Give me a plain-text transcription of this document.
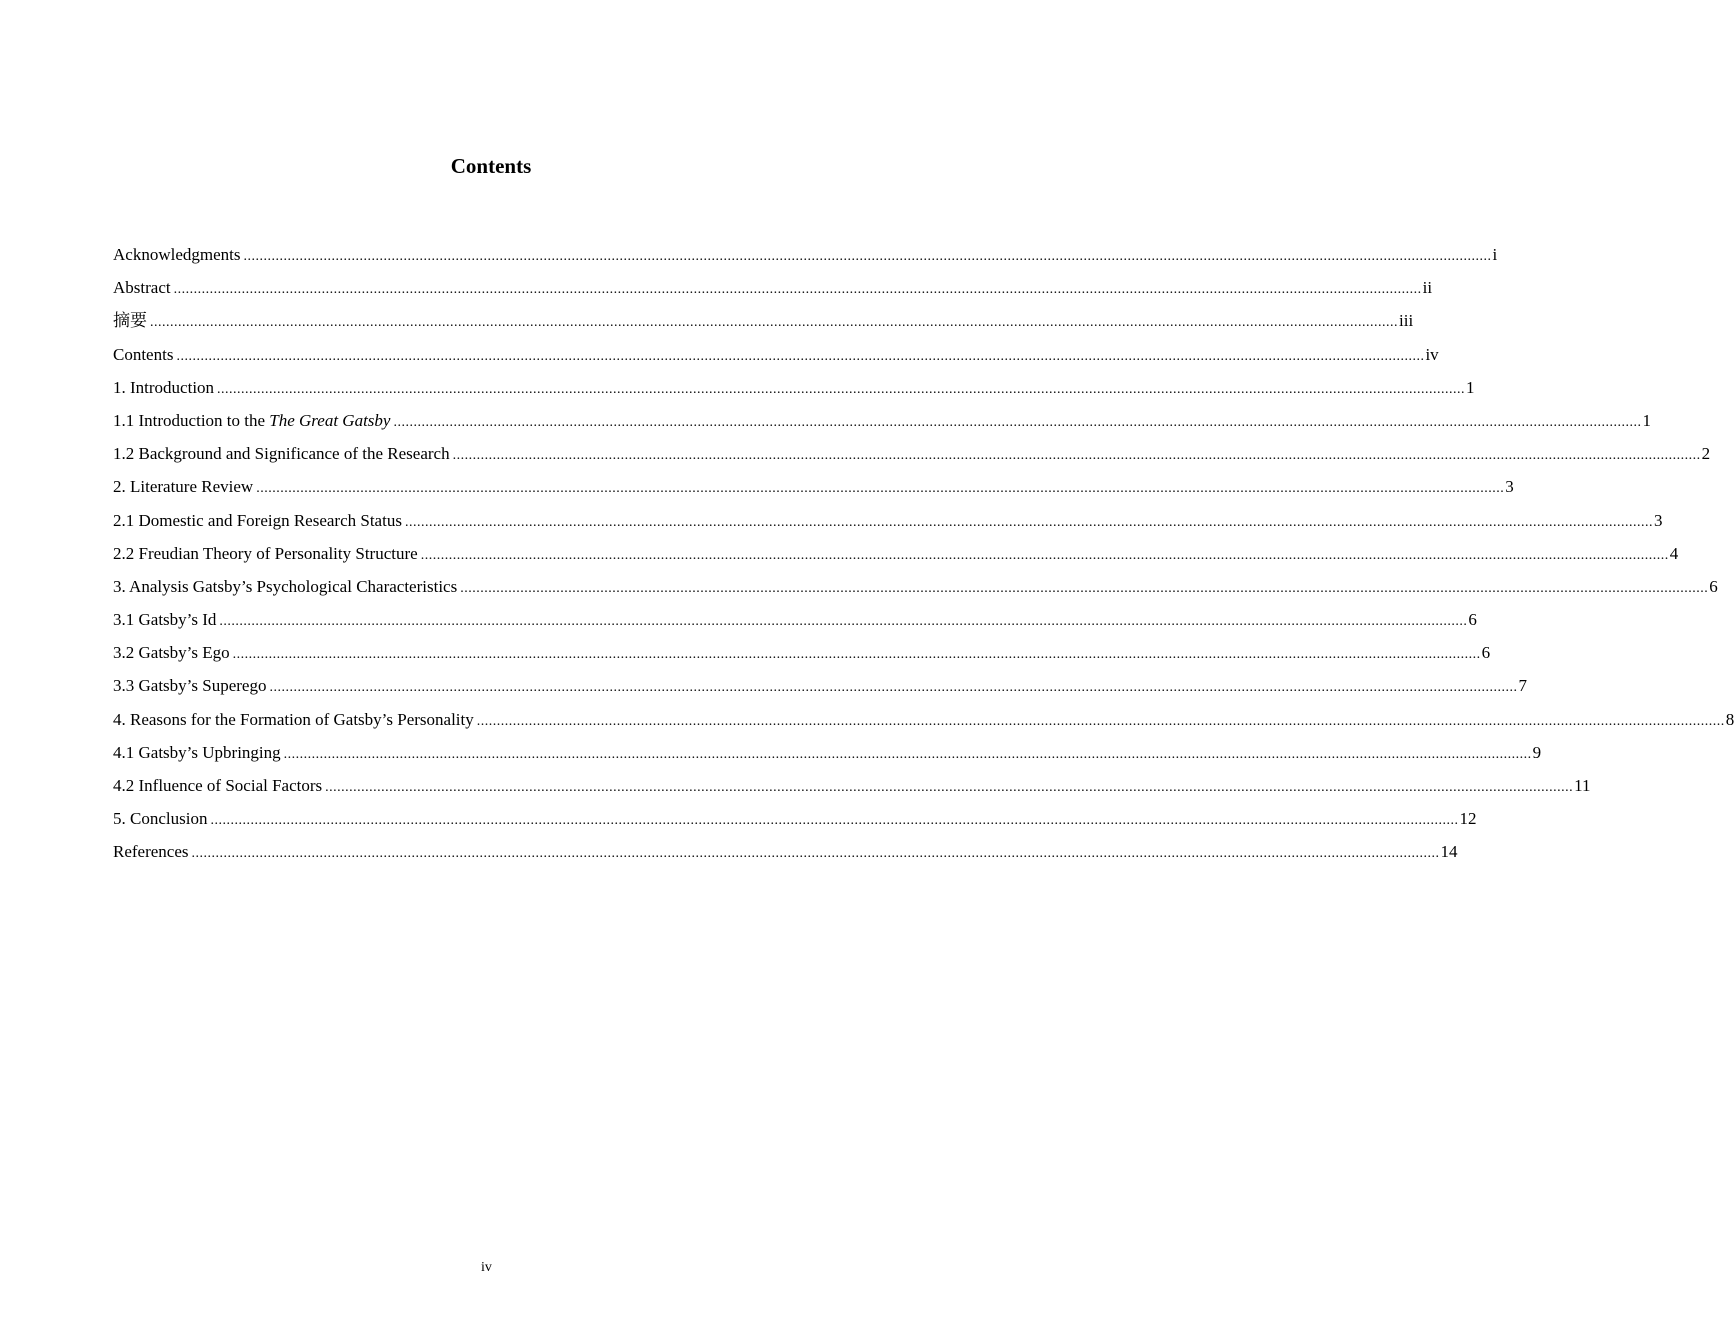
Contents
Acknowledgments ........................................................................................................................................................................................................................................................................................................................ i
Abstract ........................................................................................................................................................................................................................................................................................................................ ii
摘要 ........................................................................................................................................................................................................................................................................................................................ iii
Contents ........................................................................................................................................................................................................................................................................................................................ iv
1. Introduction ........................................................................................................................................................................................................................................................................................................................ 1
1.1 Introduction to the The Great Gatsby ........................................................................................................................................................................................................................................................................................................................ 1
1.2 Background and Significance of the Research ........................................................................................................................................................................................................................................................................................................................ 2
2. Literature Review ........................................................................................................................................................................................................................................................................................................................ 3
2.1 Domestic and Foreign Research Status ........................................................................................................................................................................................................................................................................................................................ 3
2.2 Freudian Theory of Personality Structure ........................................................................................................................................................................................................................................................................................................................ 4
3. Analysis Gatsby’s Psychological Characteristics ........................................................................................................................................................................................................................................................................................................................ 6
3.1 Gatsby’s Id ........................................................................................................................................................................................................................................................................................................................ 6
3.2 Gatsby’s Ego ........................................................................................................................................................................................................................................................................................................................ 6
3.3 Gatsby’s Superego ........................................................................................................................................................................................................................................................................................................................ 7
4. Reasons for the Formation of Gatsby’s Personality ........................................................................................................................................................................................................................................................................................................................ 8
4.1 Gatsby’s Upbringing ........................................................................................................................................................................................................................................................................................................................ 9
4.2 Influence of Social Factors ........................................................................................................................................................................................................................................................................................................................ 11
5. Conclusion ........................................................................................................................................................................................................................................................................................................................ 12
References ........................................................................................................................................................................................................................................................................................................................ 14
iv
